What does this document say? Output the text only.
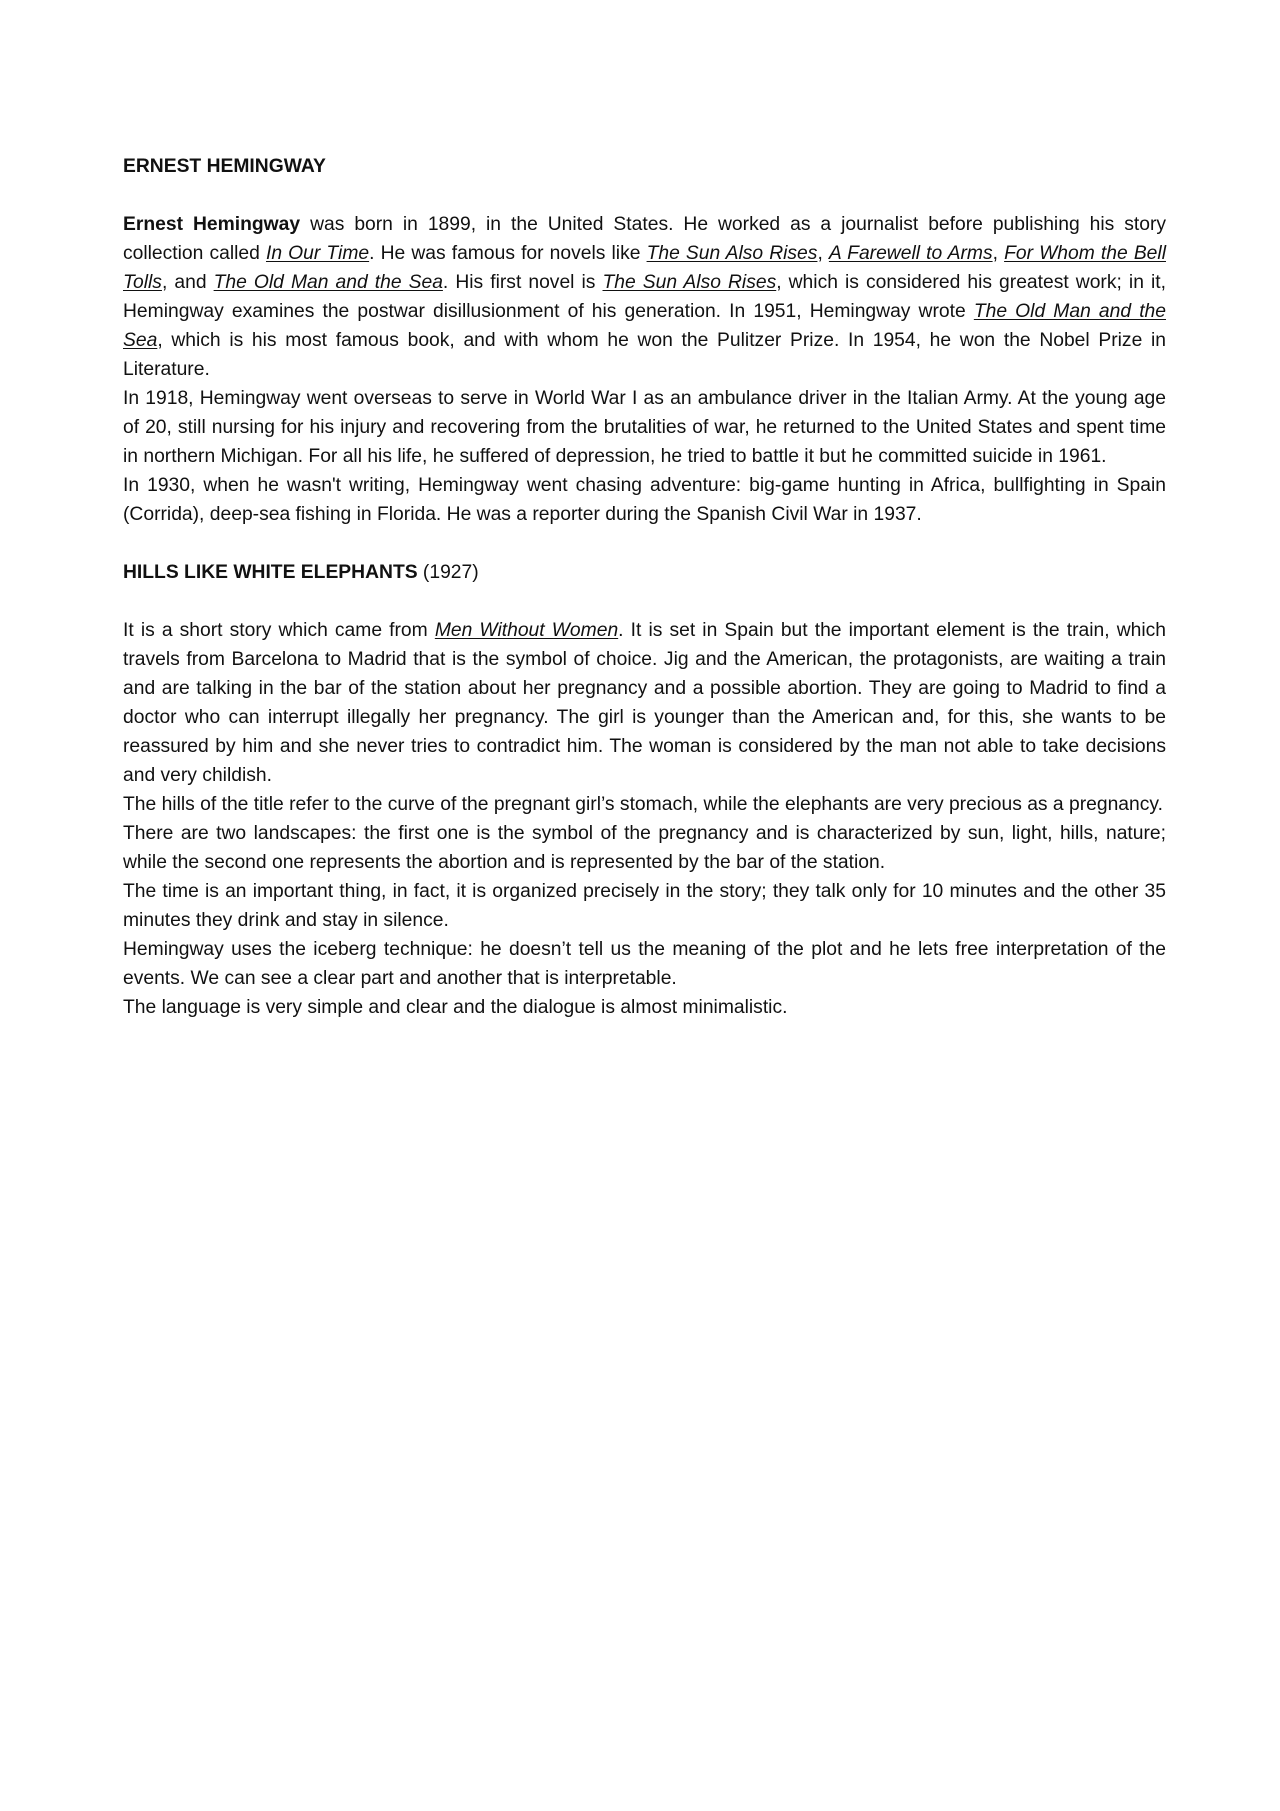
ERNEST HEMINGWAY

Ernest Hemingway was born in 1899, in the United States. He worked as a journalist before publishing his story collection called In Our Time. He was famous for novels like The Sun Also Rises, A Farewell to Arms, For Whom the Bell Tolls, and The Old Man and the Sea. His first novel is The Sun Also Rises, which is considered his greatest work; in it, Hemingway examines the postwar disillusionment of his generation. In 1951, Hemingway wrote The Old Man and the Sea, which is his most famous book, and with whom he won the Pulitzer Prize. In 1954, he won the Nobel Prize in Literature.

In 1918, Hemingway went overseas to serve in World War I as an ambulance driver in the Italian Army. At the young age of 20, still nursing for his injury and recovering from the brutalities of war, he returned to the United States and spent time in northern Michigan. For all his life, he suffered of depression, he tried to battle it but he committed suicide in 1961.

In 1930, when he wasn't writing, Hemingway went chasing adventure: big-game hunting in Africa, bullfighting in Spain (Corrida), deep-sea fishing in Florida. He was a reporter during the Spanish Civil War in 1937.

HILLS LIKE WHITE ELEPHANTS (1927)

It is a short story which came from Men Without Women. It is set in Spain but the important element is the train, which travels from Barcelona to Madrid that is the symbol of choice. Jig and the American, the protagonists, are waiting a train and are talking in the bar of the station about her pregnancy and a possible abortion. They are going to Madrid to find a doctor who can interrupt illegally her pregnancy. The girl is younger than the American and, for this, she wants to be reassured by him and she never tries to contradict him. The woman is considered by the man not able to take decisions and very childish.

The hills of the title refer to the curve of the pregnant girl’s stomach, while the elephants are very precious as a pregnancy.

There are two landscapes: the first one is the symbol of the pregnancy and is characterized by sun, light, hills, nature; while the second one represents the abortion and is represented by the bar of the station.

The time is an important thing, in fact, it is organized precisely in the story; they talk only for 10 minutes and the other 35 minutes they drink and stay in silence.

Hemingway uses the iceberg technique: he doesn’t tell us the meaning of the plot and he lets free interpretation of the events. We can see a clear part and another that is interpretable.

The language is very simple and clear and the dialogue is almost minimalistic.
